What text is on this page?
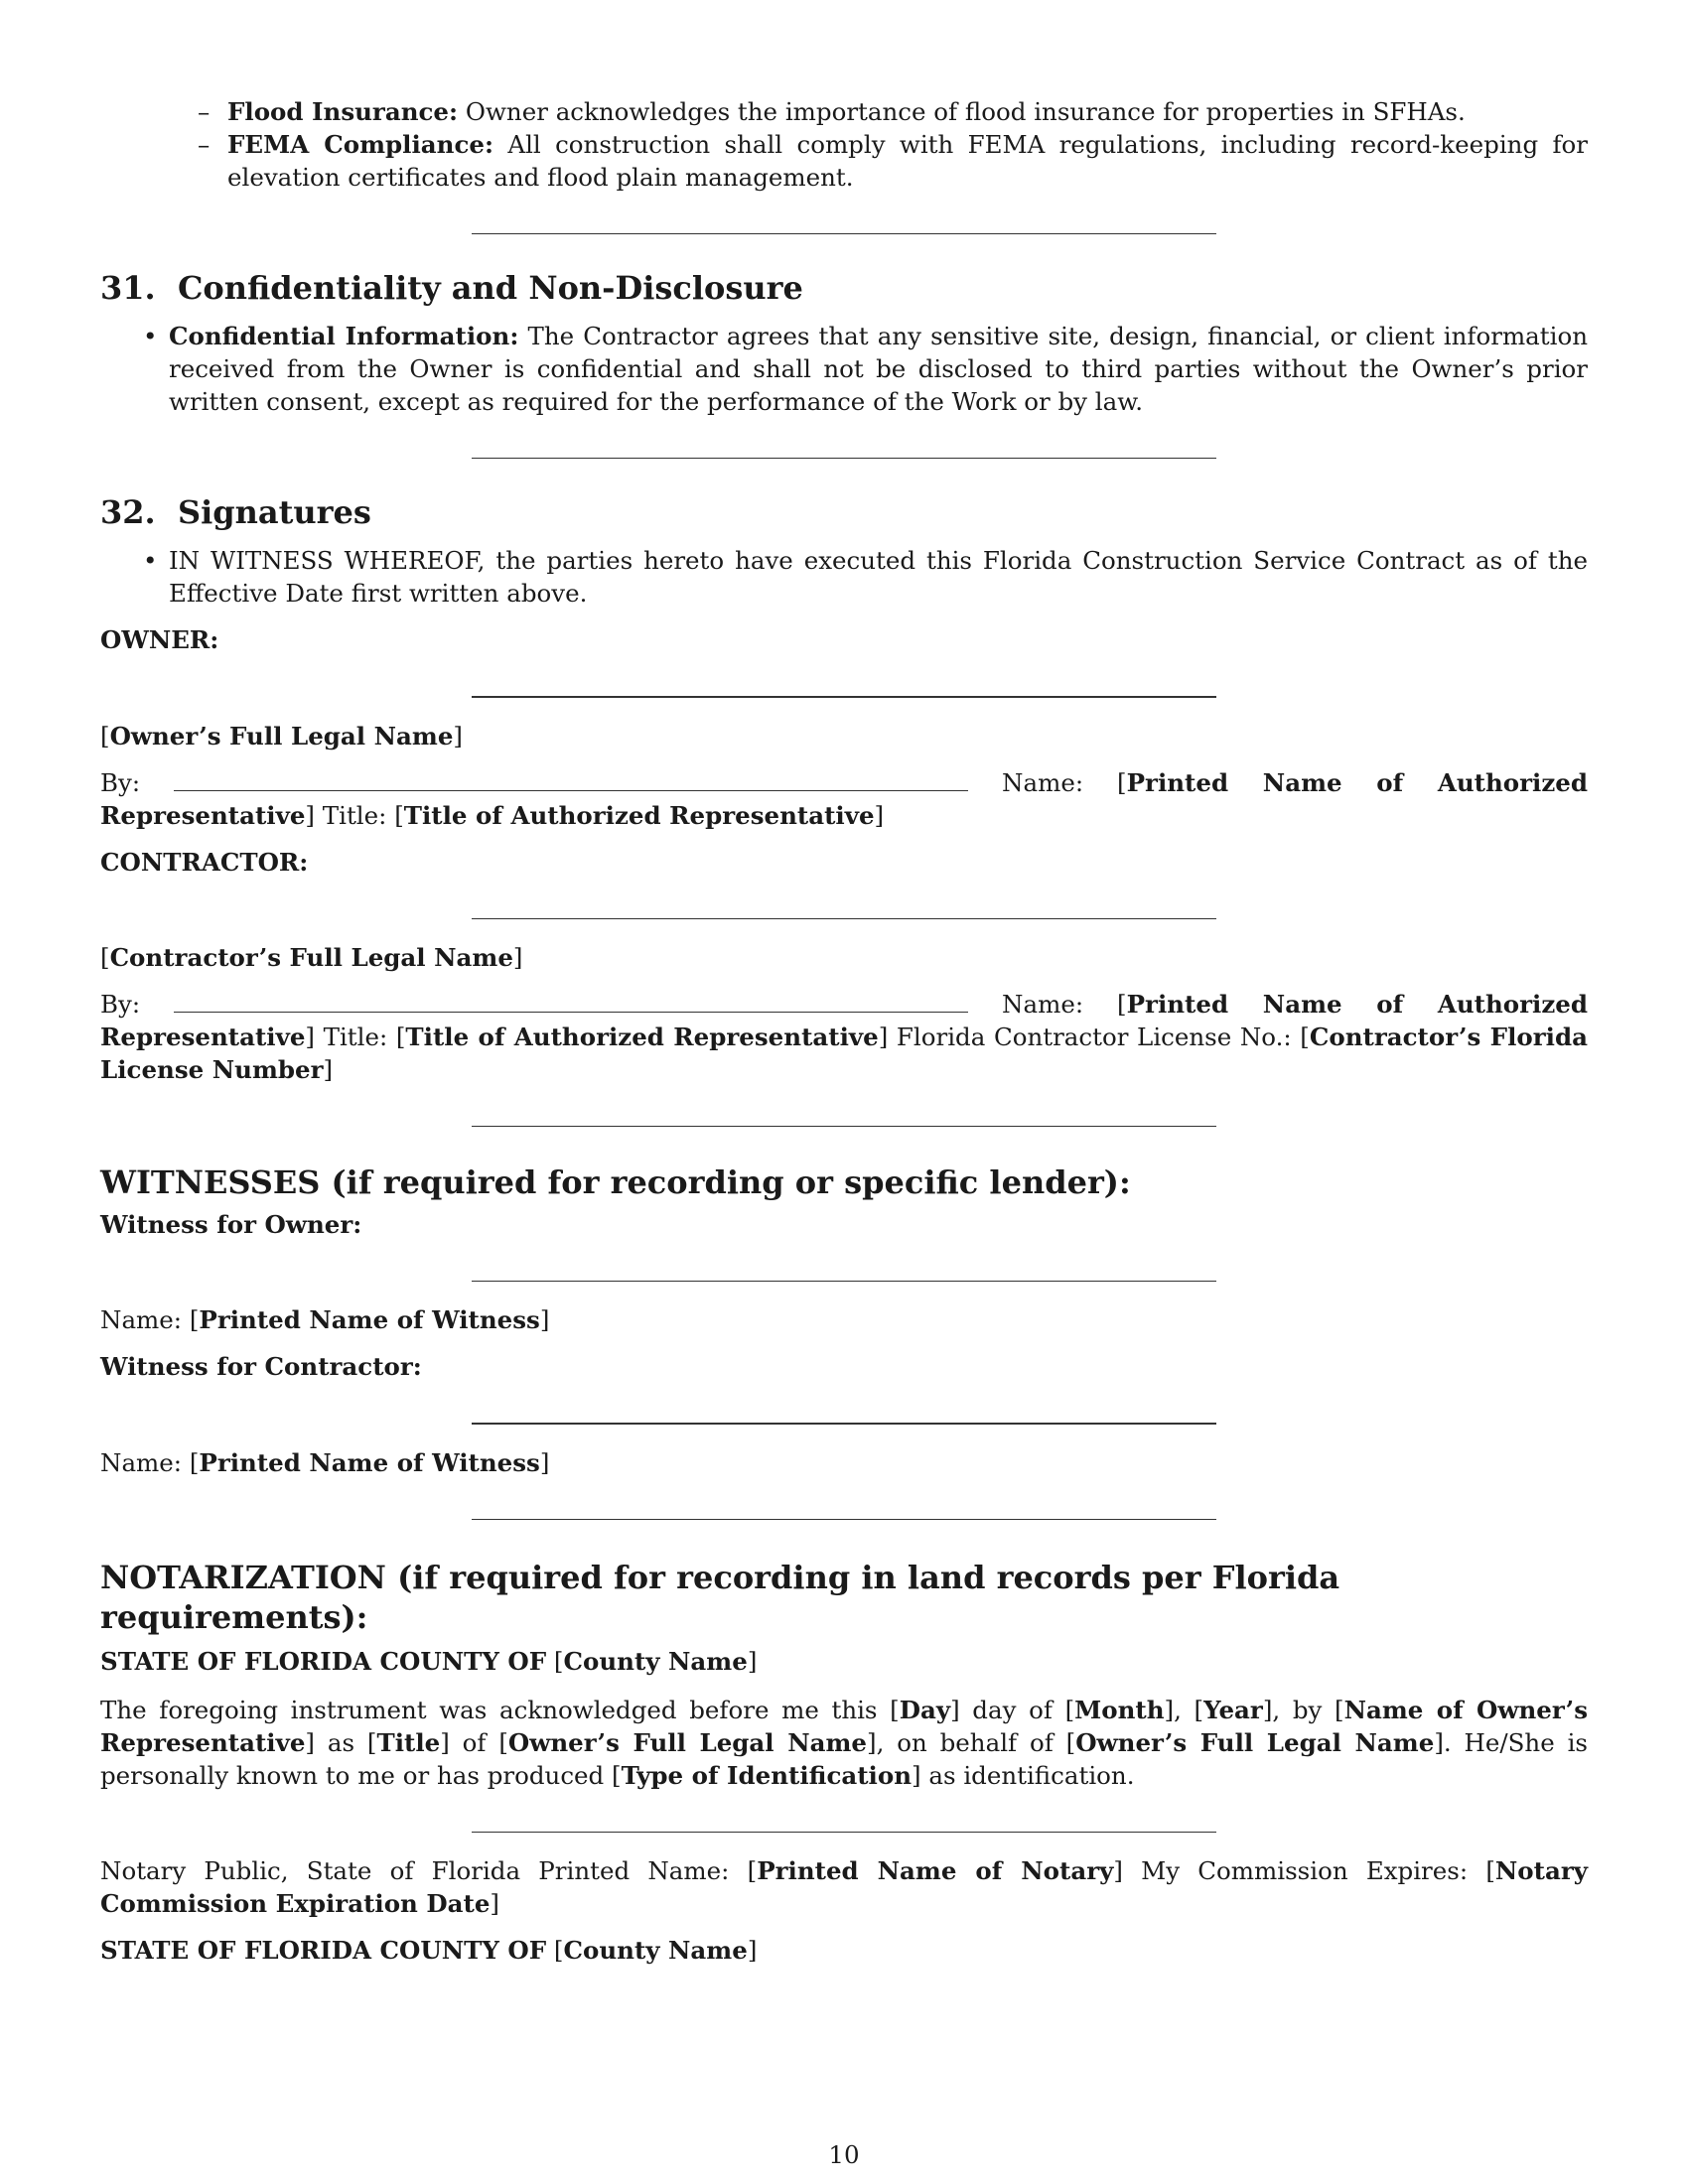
– Flood Insurance: Owner acknowledges the importance of flood insurance for properties in SFHAs.
– FEMA Compliance: All construction shall comply with FEMA regulations, including record-keeping for elevation certificates and flood plain management.
31. Confidentiality and Non-Disclosure
• Confidential Information: The Contractor agrees that any sensitive site, design, financial, or client information received from the Owner is confidential and shall not be disclosed to third parties without the Owner’s prior written consent, except as required for the performance of the Work or by law.
32. Signatures
• IN WITNESS WHEREOF, the parties hereto have executed this Florida Construction Service Contract as of the Effective Date first written above.

OWNER:

[Owner’s Full Legal Name]

By:	Name: [Printed Name of Authorized Representative] Title: [Title of Authorized Representative]

CONTRACTOR:

[Contractor’s Full Legal Name]

By:	Name: [Printed Name of Authorized Representative] Title: [Title of Authorized Representative] Florida Contractor License No.: [Contractor’s Florida License Number]

WITNESSES (if required for recording or specific lender):

Witness for Owner:

Name: [Printed Name of Witness]

Witness for Contractor:

Name: [Printed Name of Witness]

NOTARIZATION (if required for recording in land records per Florida requirements):

STATE OF FLORIDA COUNTY OF [County Name]

The foregoing instrument was acknowledged before me this [Day] day of [Month], [Year], by [Name of Owner’s Representative] as [Title] of [Owner’s Full Legal Name], on behalf of [Owner’s Full Legal Name]. He/She is personally known to me or has produced [Type of Identification] as identification.

Notary Public, State of Florida Printed Name: [Printed Name of Notary] My Commission Expires: [Notary Commission Expiration Date]

STATE OF FLORIDA COUNTY OF [County Name]

10
